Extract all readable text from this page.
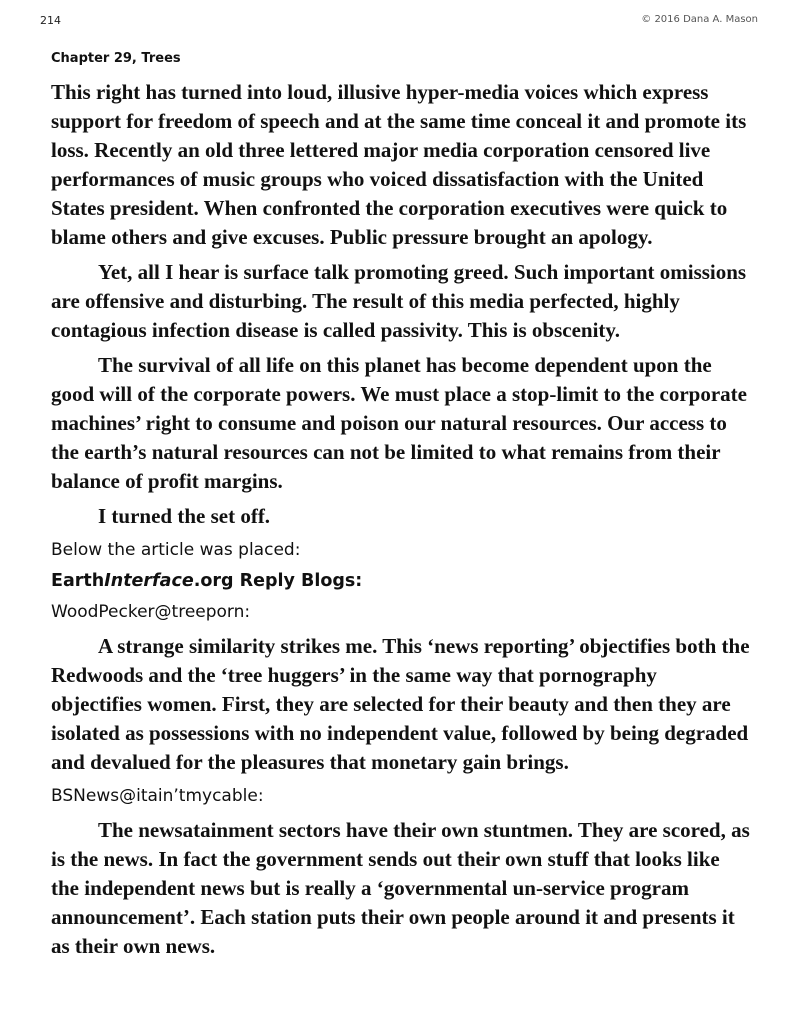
214	© 2016 Dana A. Mason
Chapter 29, Trees

This right has turned into loud, illusive hyper-media voices which express support for freedom of speech and at the same time conceal it and promote its loss. Recently an old three lettered major media corporation censored live performances of music groups who voiced dissatisfaction with the United States president. When confronted the corporation executives were quick to blame others and give excuses. Public pressure brought an apology.

Yet, all I hear is surface talk promoting greed. Such important omissions are offensive and disturbing. The result of this media perfected, highly contagious infection disease is called passivity. This is obscenity.

The survival of all life on this planet has become dependent upon the good will of the corporate powers. We must place a stop-limit to the corporate machines’ right to consume and poison our natural resources. Our access to the earth’s natural resources can not be limited to what remains from their balance of profit margins.

I turned the set off.

Below the article was placed:

EarthInterface.org Reply Blogs:

WoodPecker@treeporn:

A strange similarity strikes me. This ‘news reporting’ objectifies both the Redwoods and the ‘tree huggers’ in the same way that pornography objectifies women. First, they are selected for their beauty and then they are isolated as possessions with no independent value, followed by being degraded and devalued for the pleasures that monetary gain brings.

BSNews@itain’tmycable:

The newsatainment sectors have their own stuntmen. They are scored, as is the news. In fact the government sends out their own stuff that looks like the independent news but is really a ‘governmental un-service program announcement’. Each station puts their own people around it and presents it as their own news.
